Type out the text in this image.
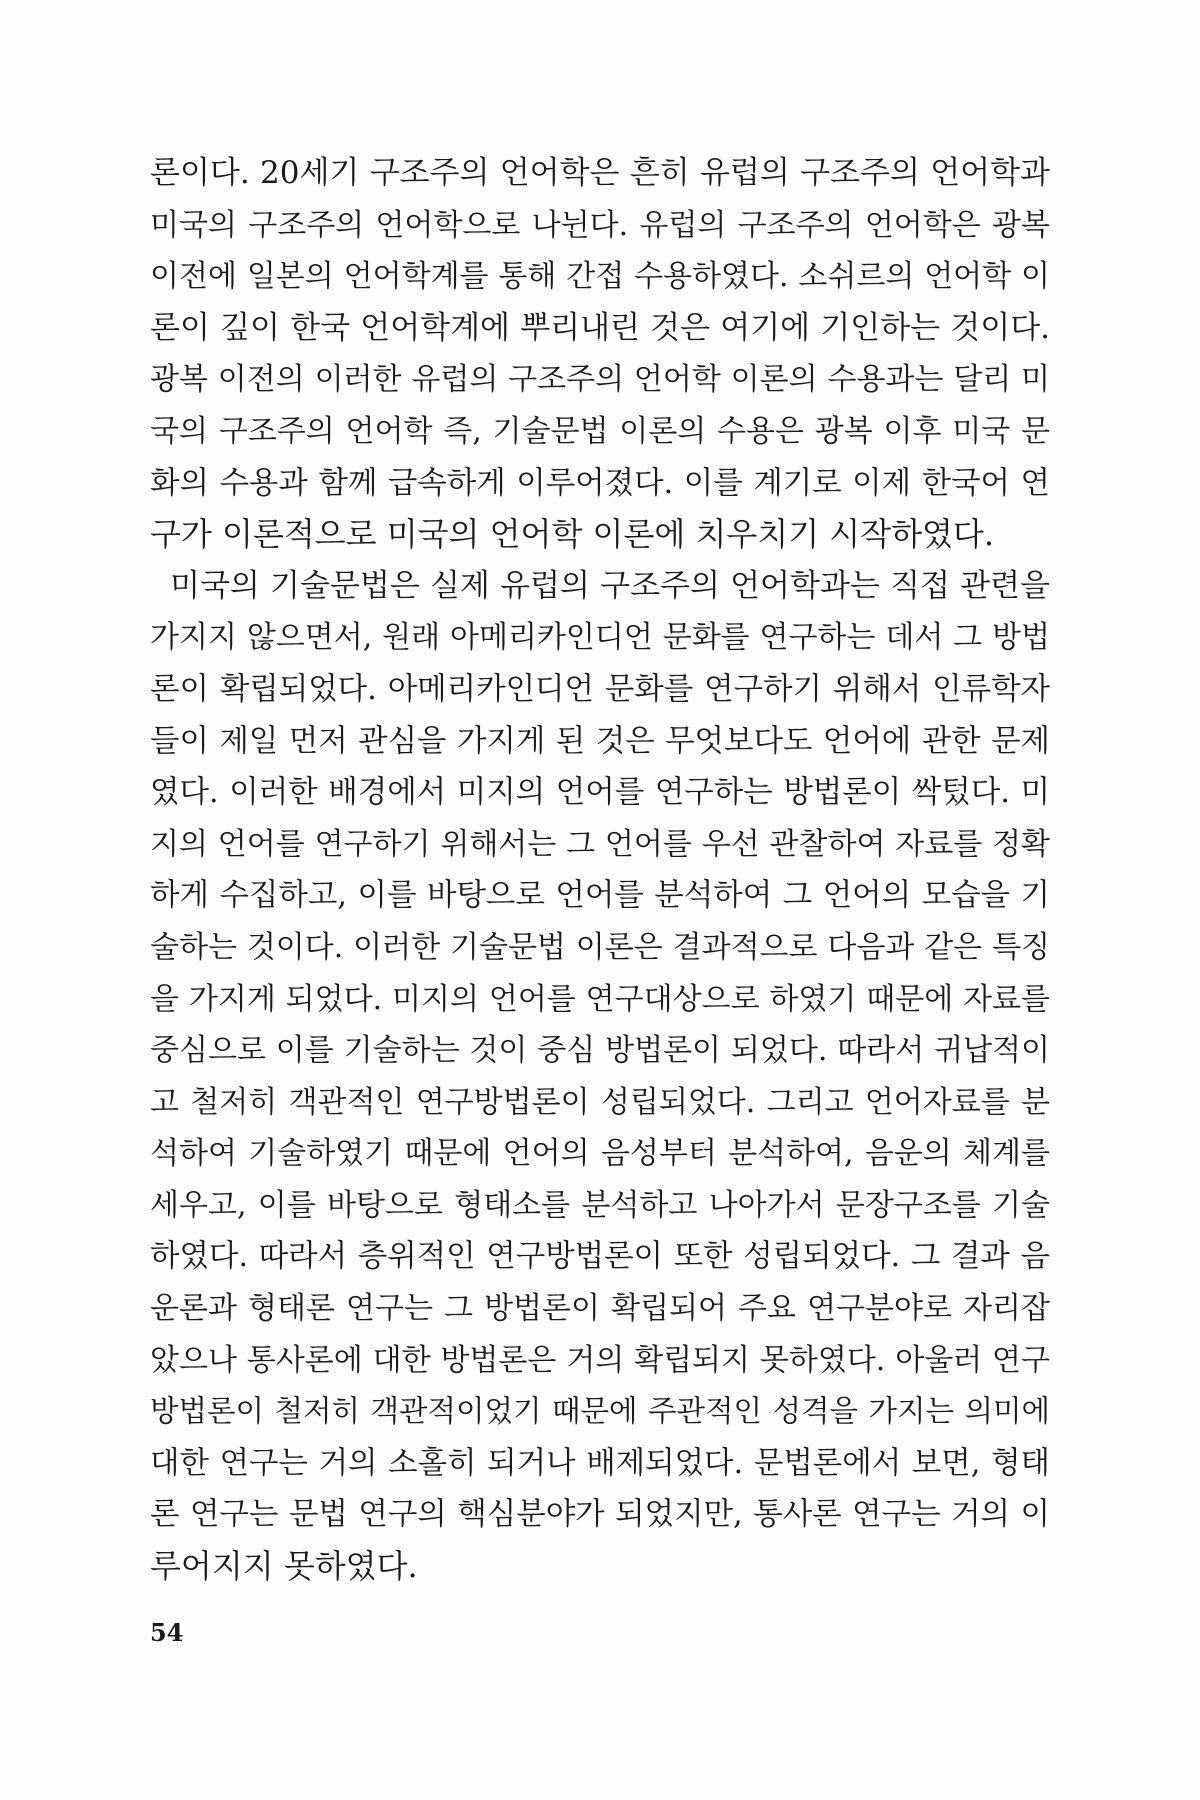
론이다. 20세기 구조주의 언어학은 흔히 유럽의 구조주의 언어학과
미국의 구조주의 언어학으로 나뉜다. 유럽의 구조주의 언어학은 광복
이전에 일본의 언어학계를 통해 간접 수용하였다. 소쉬르의 언어학 이
론이 깊이 한국 언어학계에 뿌리내린 것은 여기에 기인하는 것이다.
광복 이전의 이러한 유럽의 구조주의 언어학 이론의 수용과는 달리 미
국의 구조주의 언어학 즉, 기술문법 이론의 수용은 광복 이후 미국 문
화의 수용과 함께 급속하게 이루어졌다. 이를 계기로 이제 한국어 연
구가 이론적으로 미국의 언어학 이론에 치우치기 시작하였다.
미국의 기술문법은 실제 유럽의 구조주의 언어학과는 직접 관련을
가지지 않으면서, 원래 아메리카인디언 문화를 연구하는 데서 그 방법
론이 확립되었다. 아메리카인디언 문화를 연구하기 위해서 인류학자
들이 제일 먼저 관심을 가지게 된 것은 무엇보다도 언어에 관한 문제
였다. 이러한 배경에서 미지의 언어를 연구하는 방법론이 싹텄다. 미
지의 언어를 연구하기 위해서는 그 언어를 우선 관찰하여 자료를 정확
하게 수집하고, 이를 바탕으로 언어를 분석하여 그 언어의 모습을 기
술하는 것이다. 이러한 기술문법 이론은 결과적으로 다음과 같은 특징
을 가지게 되었다. 미지의 언어를 연구대상으로 하였기 때문에 자료를
중심으로 이를 기술하는 것이 중심 방법론이 되었다. 따라서 귀납적이
고 철저히 객관적인 연구방법론이 성립되었다. 그리고 언어자료를 분
석하여 기술하였기 때문에 언어의 음성부터 분석하여, 음운의 체계를
세우고, 이를 바탕으로 형태소를 분석하고 나아가서 문장구조를 기술
하였다. 따라서 층위적인 연구방법론이 또한 성립되었다. 그 결과 음
운론과 형태론 연구는 그 방법론이 확립되어 주요 연구분야로 자리잡
았으나 통사론에 대한 방법론은 거의 확립되지 못하였다. 아울러 연구
방법론이 철저히 객관적이었기 때문에 주관적인 성격을 가지는 의미에
대한 연구는 거의 소홀히 되거나 배제되었다. 문법론에서 보면, 형태
론 연구는 문법 연구의 핵심분야가 되었지만, 통사론 연구는 거의 이
루어지지 못하였다.
54
